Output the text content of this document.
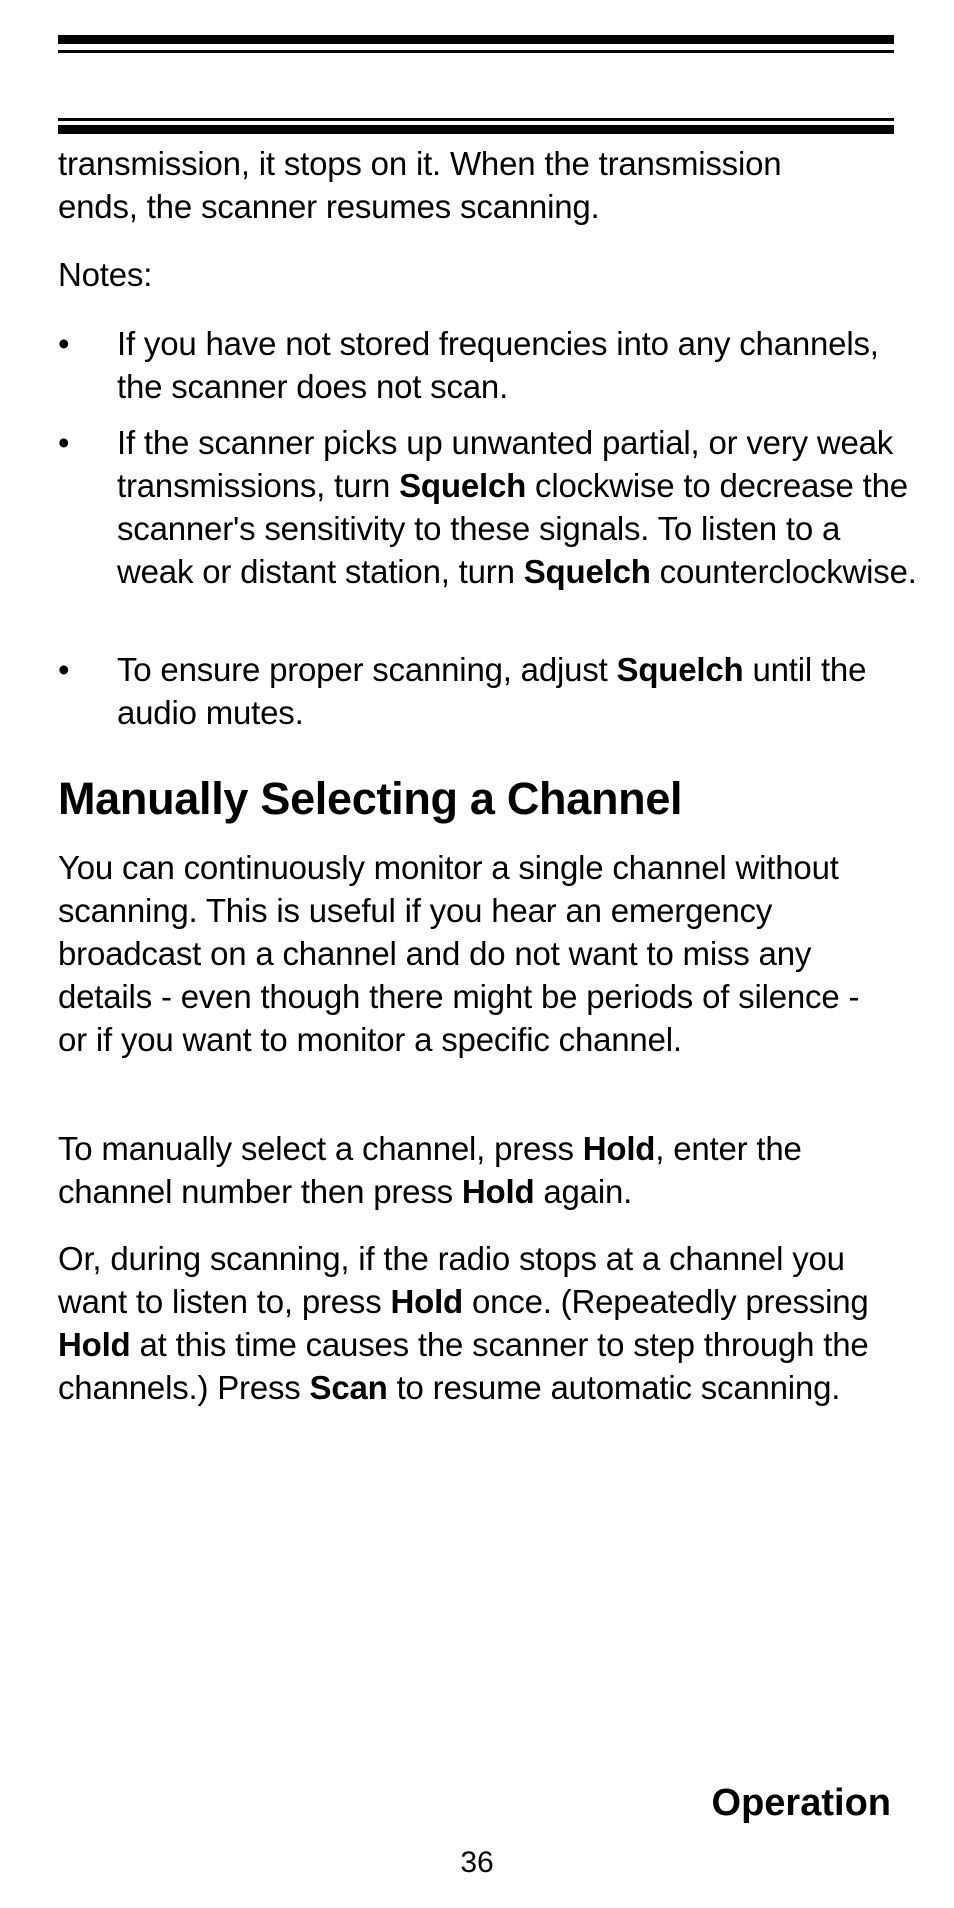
transmission, it stops on it. When the transmission
ends, the scanner resumes scanning.
Notes:
•	If you have not stored frequencies into any channels, the scanner does not scan.
•	If the scanner picks up unwanted partial, or very weak transmissions, turn Squelch clockwise to decrease the scanner's sensitivity to these signals. To listen to a weak or distant station, turn Squelch counterclockwise.
•	To ensure proper scanning, adjust Squelch until the audio mutes.
Manually Selecting a Channel
You can continuously monitor a single channel without scanning. This is useful if you hear an emergency broadcast on a channel and do not want to miss any details - even though there might be periods of silence - or if you want to monitor a specific channel.
To manually select a channel, press Hold, enter the channel number then press Hold again.
Or, during scanning, if the radio stops at a channel you want to listen to, press Hold once. (Repeatedly pressing Hold at this time causes the scanner to step through the channels.) Press Scan to resume automatic scanning.
Operation
36
